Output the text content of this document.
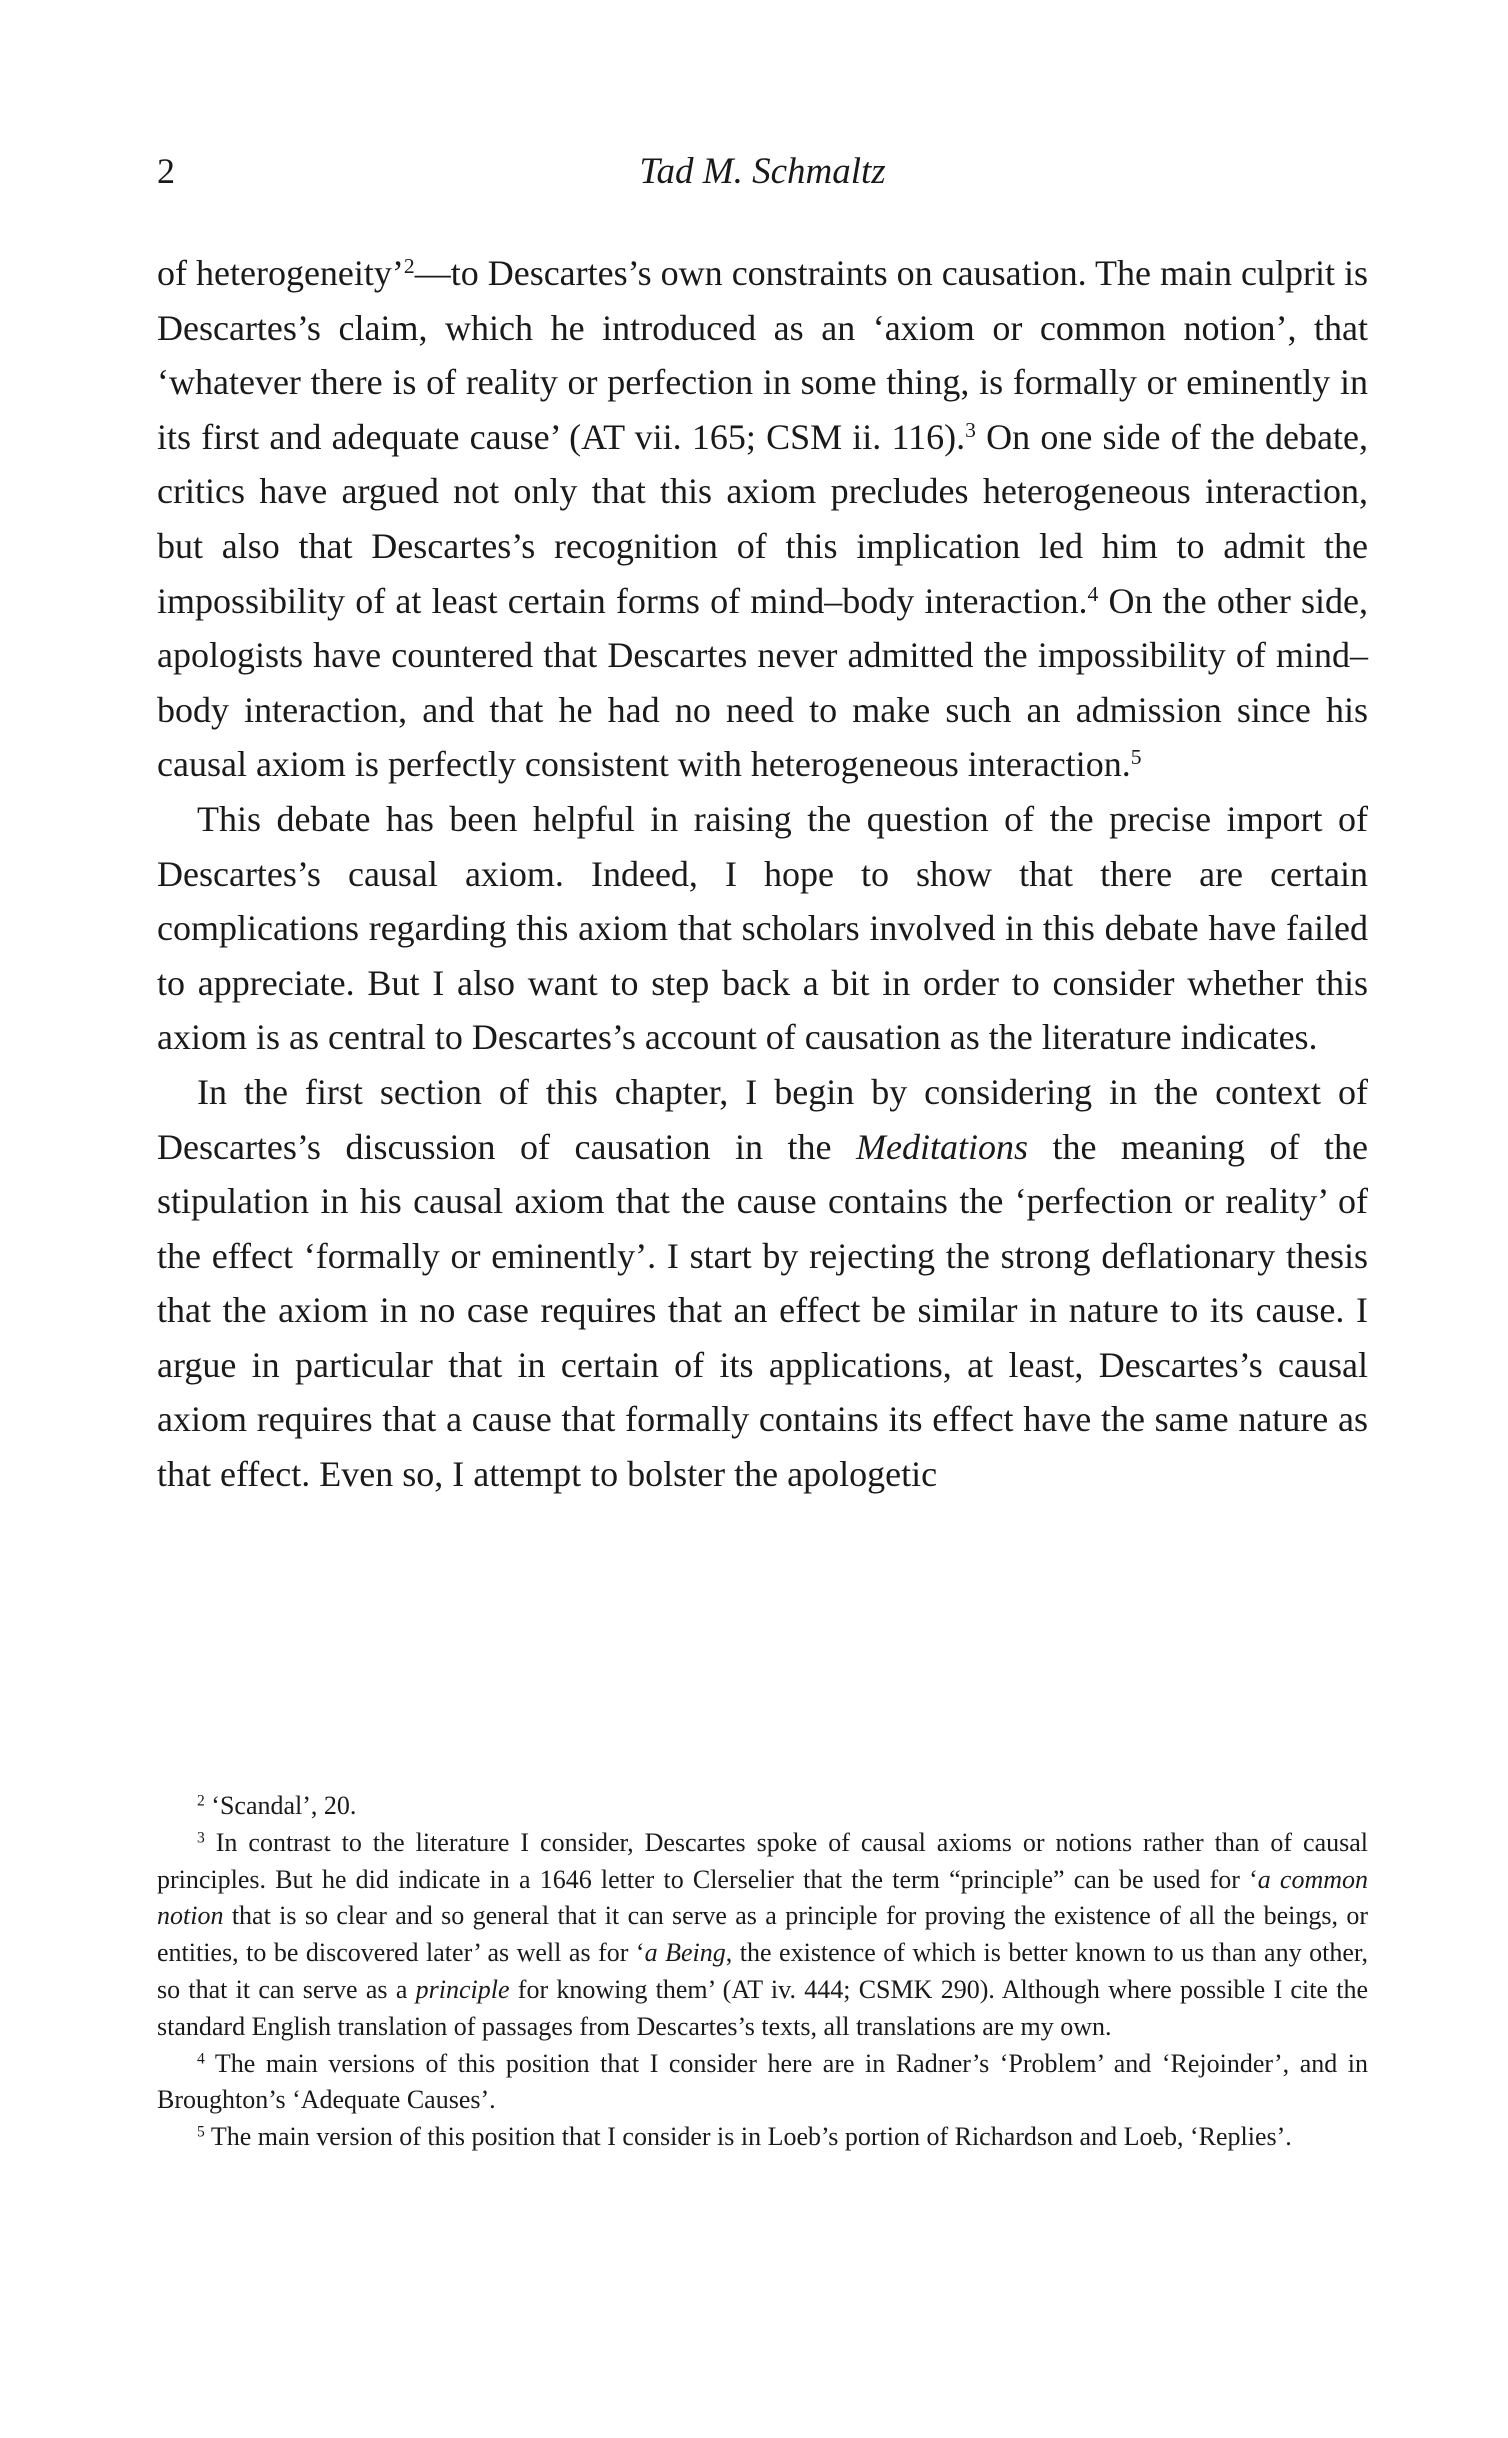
2	Tad M. Schmaltz

of heterogeneity’$^2$—to Descartes’s own constraints on causation. The main culprit is Descartes’s claim, which he introduced as an ‘axiom or common notion’, that ‘whatever there is of reality or perfection in some thing, is formally or eminently in its first and adequate cause’ (AT vii. 165; CSM ii. 116).$^3$ On one side of the debate, critics have argued not only that this axiom precludes heterogeneous interaction, but also that Descartes’s recognition of this implication led him to admit the impossibility of at least certain forms of mind–body interaction.$^4$ On the other side, apologists have countered that Descartes never admitted the impossibility of mind–body interaction, and that he had no need to make such an admission since his causal axiom is perfectly consistent with heterogeneous interaction.$^5$

This debate has been helpful in raising the question of the precise import of Descartes’s causal axiom. Indeed, I hope to show that there are certain complications regarding this axiom that scholars involved in this debate have failed to appreciate. But I also want to step back a bit in order to consider whether this axiom is as central to Descartes’s account of causation as the literature indicates.

In the first section of this chapter, I begin by considering in the context of Descartes’s discussion of causation in the Meditations the meaning of the stipulation in his causal axiom that the cause contains the ‘perfection or reality’ of the effect ‘formally or eminently’. I start by rejecting the strong deflationary thesis that the axiom in no case requires that an effect be similar in nature to its cause. I argue in particular that in certain of its applications, at least, Descartes’s causal axiom requires that a cause that formally contains its effect have the same nature as that effect. Even so, I attempt to bolster the apologetic

$^2$ ‘Scandal’, 20.

$^3$ In contrast to the literature I consider, Descartes spoke of causal axioms or notions rather than of causal principles. But he did indicate in a 1646 letter to Clerselier that the term “principle” can be used for ‘a common notion that is so clear and so general that it can serve as a principle for proving the existence of all the beings, or entities, to be discovered later’ as well as for ‘a Being, the existence of which is better known to us than any other, so that it can serve as a principle for knowing them’ (AT iv. 444; CSMK 290). Although where possible I cite the standard English translation of passages from Descartes’s texts, all translations are my own.

$^4$ The main versions of this position that I consider here are in Radner’s ‘Problem’ and ‘Rejoinder’, and in Broughton’s ‘Adequate Causes’.

$^5$ The main version of this position that I consider is in Loeb’s portion of Richardson and Loeb, ‘Replies’.
